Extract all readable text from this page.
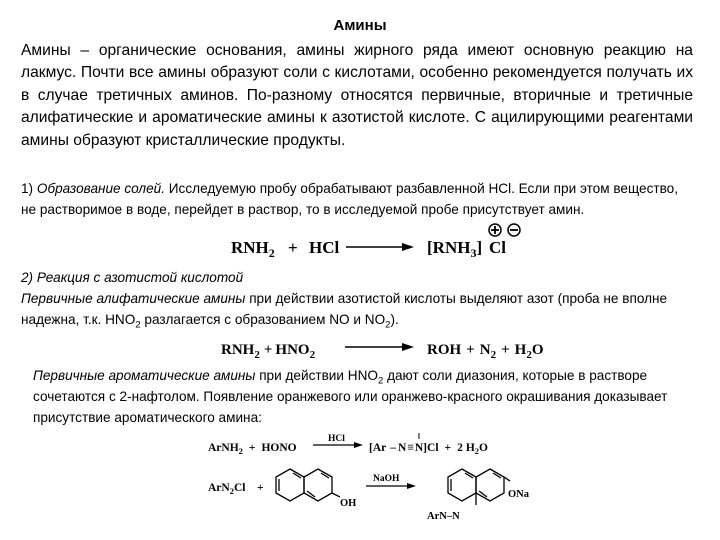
Амины
Амины – органические основания, амины жирного ряда имеют основную реакцию на лакмус. Почти все амины образуют соли с кислотами, особенно рекомендуется получать их в случае третичных аминов. По-разному относятся первичные, вторичные и третичные алифатические и ароматические амины к азотистой кислоте. С ацилирующими реагентами амины образуют кристаллические продукты.
1) Образование солей. Исследуемую пробу обрабатывают разбавленной HCl. Если при этом вещество, не растворимое в воде, перейдет в раствор, то в исследуемой пробе присутствует амин.
2) Реакция с азотистой кислотой
Первичные алифатические амины при действии азотистой кислоты выделяют азот (проба не вполне надежна, т.к. $HNO_2$ разлагается с образованием NO и $NO_2$).
Первичные ароматические амины при действии $HNO_2$ дают соли диазония, которые в растворе сочетаются с 2-нафтолом. Появление оранжевого или оранжево-красного окрашивания доказывает присутствие ароматического амина:
$RNH_2$ + HCl	$[RNH_3]$ Cl
$RNH_2 + HNO_2$	ROH + $N_2 + H_2O$
ArNH$_2$ + HONO
HCl
[Ar – N≡N]Cl + 2 $H_2O$
ArN$_2$Cl +
OH
NaOH
ONa
ArN–N
